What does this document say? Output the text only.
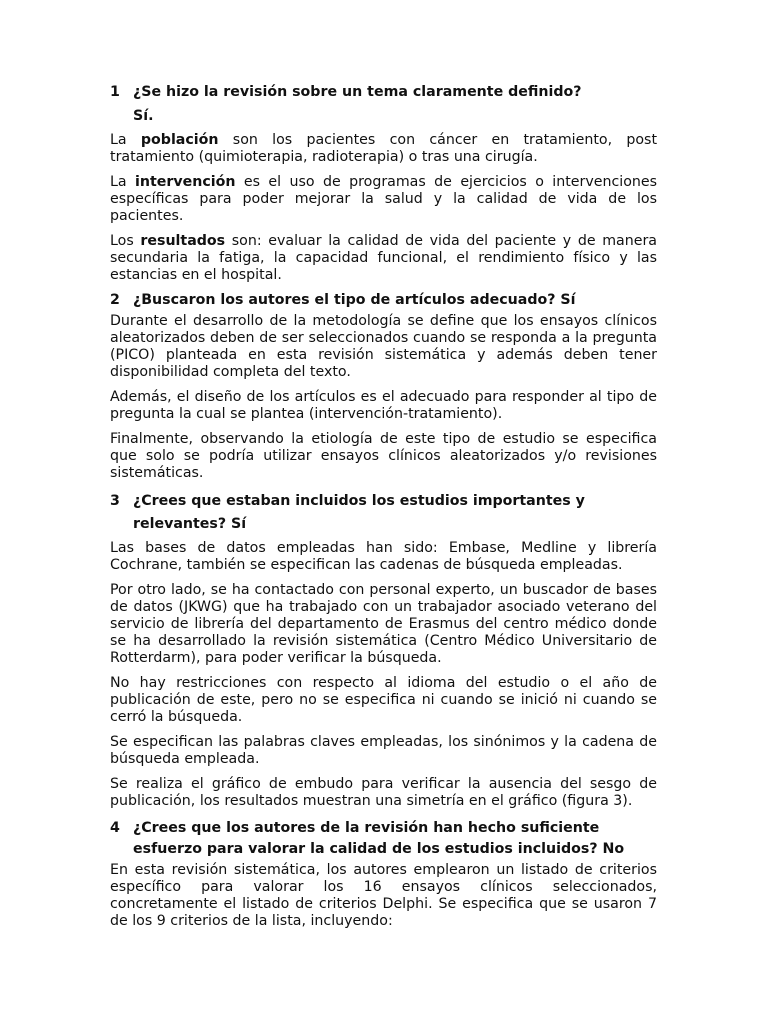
1 ¿Se hizo la revisión sobre un tema claramente definido?

Sí.

La población son los pacientes con cáncer en tratamiento, post tratamiento (quimioterapia, radioterapia) o tras una cirugía.

La intervención es el uso de programas de ejercicios o intervenciones específicas para poder mejorar la salud y la calidad de vida de los pacientes.

Los resultados son: evaluar la calidad de vida del paciente y de manera secundaria la fatiga, la capacidad funcional, el rendimiento físico y las estancias en el hospital.

2 ¿Buscaron los autores el tipo de artículos adecuado? Sí

Durante el desarrollo de la metodología se define que los ensayos clínicos aleatorizados deben de ser seleccionados cuando se responda a la pregunta (PICO) planteada en esta revisión sistemática y además deben tener disponibilidad completa del texto.

Además, el diseño de los artículos es el adecuado para responder al tipo de pregunta la cual se plantea (intervención-tratamiento).

Finalmente, observando la etiología de este tipo de estudio se especifica que solo se podría utilizar ensayos clínicos aleatorizados y/o revisiones sistemáticas.

3 ¿Crees que estaban incluidos los estudios importantes y
relevantes? Sí

Las bases de datos empleadas han sido: Embase, Medline y librería Cochrane, también se especifican las cadenas de búsqueda empleadas.

Por otro lado, se ha contactado con personal experto, un buscador de bases de datos (JKWG) que ha trabajado con un trabajador asociado veterano del servicio de librería del departamento de Erasmus del centro médico donde se ha desarrollado la revisión sistemática (Centro Médico Universitario de Rotterdarm), para poder verificar la búsqueda.

No hay restricciones con respecto al idioma del estudio o el año de publicación de este, pero no se especifica ni cuando se inició ni cuando se cerró la búsqueda.

Se especifican las palabras claves empleadas, los sinónimos y la cadena de búsqueda empleada.

Se realiza el gráfico de embudo para verificar la ausencia del sesgo de publicación, los resultados muestran una simetría en el gráfico (figura 3).

4 ¿Crees que los autores de la revisión han hecho suficiente
esfuerzo para valorar la calidad de los estudios incluidos? No

En esta revisión sistemática, los autores emplearon un listado de criterios específico para valorar los 16 ensayos clínicos seleccionados, concretamente el listado de criterios Delphi. Se especifica que se usaron 7 de los 9 criterios de la lista, incluyendo:
